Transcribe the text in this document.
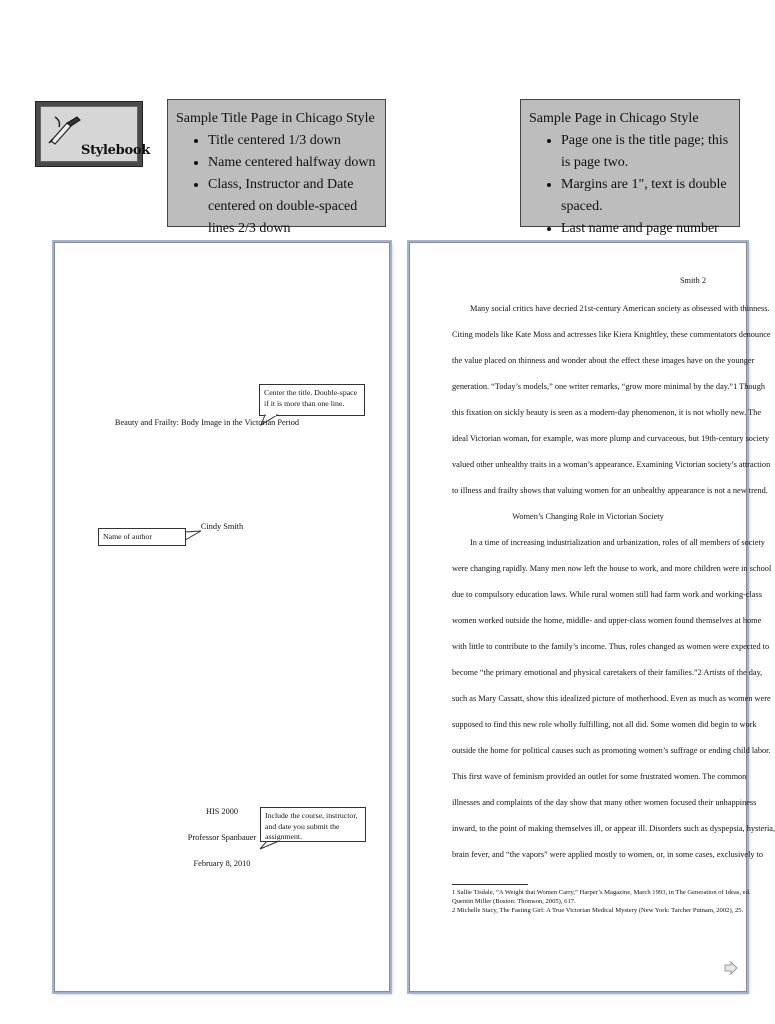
Stylebook
Sample Title Page in Chicago Style
• Title centered 1/3 down
• Name centered halfway down
• Class, Instructor and Date centered on double-spaced lines 2/3 down
Sample Page in Chicago Style
• Page one is the title page; this is page two.
• Margins are 1", text is double spaced.
• Last name and page number
Center the title. Double-space if it is more than one line.
Beauty and Frailty: Body Image in the Victorian Period
Name of author
Cindy Smith
HIS 2000
Professor Spanbauer
February 8, 2010
Include the course, instructor, and date you submit the assignment.
Smith 2
Many social critics have decried 21st-century American society as obsessed with thinness.
Citing models like Kate Moss and actresses like Kiera Knightley, these commentators denounce
the value placed on thinness and wonder about the effect these images have on the younger
generation. “Today’s models,” one writer remarks, “grow more minimal by the day.”1 Though
this fixation on sickly beauty is seen as a modern-day phenomenon, it is not wholly new. The
ideal Victorian woman, for example, was more plump and curvaceous, but 19th-century society
valued other unhealthy traits in a woman’s appearance. Examining Victorian society’s attraction
to illness and frailty shows that valuing women for an unhealthy appearance is not a new trend.
Women’s Changing Role in Victorian Society
In a time of increasing industrialization and urbanization, roles of all members of society
were changing rapidly. Many men now left the house to work, and more children were in school
due to compulsory education laws. While rural women still had farm work and working-class
women worked outside the home, middle- and upper-class women found themselves at home
with little to contribute to the family’s income. Thus, roles changed as women were expected to
become “the primary emotional and physical caretakers of their families.”2 Artists of the day,
such as Mary Cassatt, show this idealized picture of motherhood. Even as much as women were
supposed to find this new role wholly fulfilling, not all did. Some women did begin to work
outside the home for political causes such as promoting women’s suffrage or ending child labor.
This first wave of feminism provided an outlet for some frustrated women. The common
illnesses and complaints of the day show that many other women focused their unhappiness
inward, to the point of making themselves ill, or appear ill. Disorders such as dyspepsia, hysteria,
brain fever, and “the vapors” were applied mostly to women, or, in some cases, exclusively to
1 Sallie Tisdale, “A Weight that Women Carry,” Harper’s Magazine, March 1993, in The Generation of Ideas, ed.
Quentin Miller (Boston: Thomson, 2005), 617.
2 Michelle Stacy, The Fasting Girl: A True Victorian Medical Mystery (New York: Tarcher Putnam, 2002), 25.
